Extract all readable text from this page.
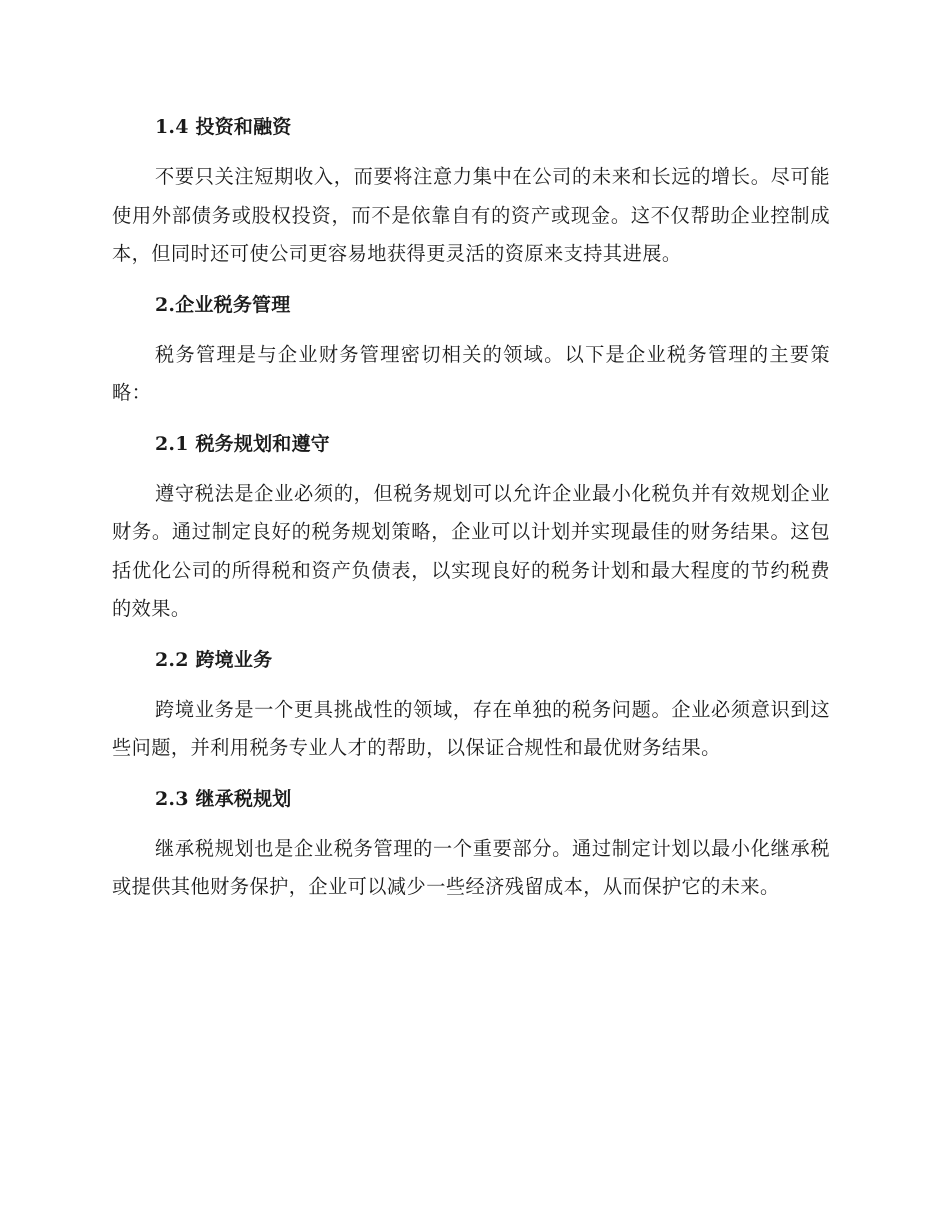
1.4 投资和融资

不要只关注短期收入，而要将注意力集中在公司的未来和长远的增长。尽可能使用外部债务或股权投资，而不是依靠自有的资产或现金。这不仅帮助企业控制成本，但同时还可使公司更容易地获得更灵活的资原来支持其进展。

2.企业税务管理

税务管理是与企业财务管理密切相关的领域。以下是企业税务管理的主要策略：

2.1 税务规划和遵守

遵守税法是企业必须的，但税务规划可以允许企业最小化税负并有效规划企业财务。通过制定良好的税务规划策略，企业可以计划并实现最佳的财务结果。这包括优化公司的所得税和资产负债表，以实现良好的税务计划和最大程度的节约税费的效果。

2.2 跨境业务

跨境业务是一个更具挑战性的领域，存在单独的税务问题。企业必须意识到这些问题，并利用税务专业人才的帮助，以保证合规性和最优财务结果。

2.3 继承税规划

继承税规划也是企业税务管理的一个重要部分。通过制定计划以最小化继承税或提供其他财务保护，企业可以减少一些经济残留成本，从而保护它的未来。
